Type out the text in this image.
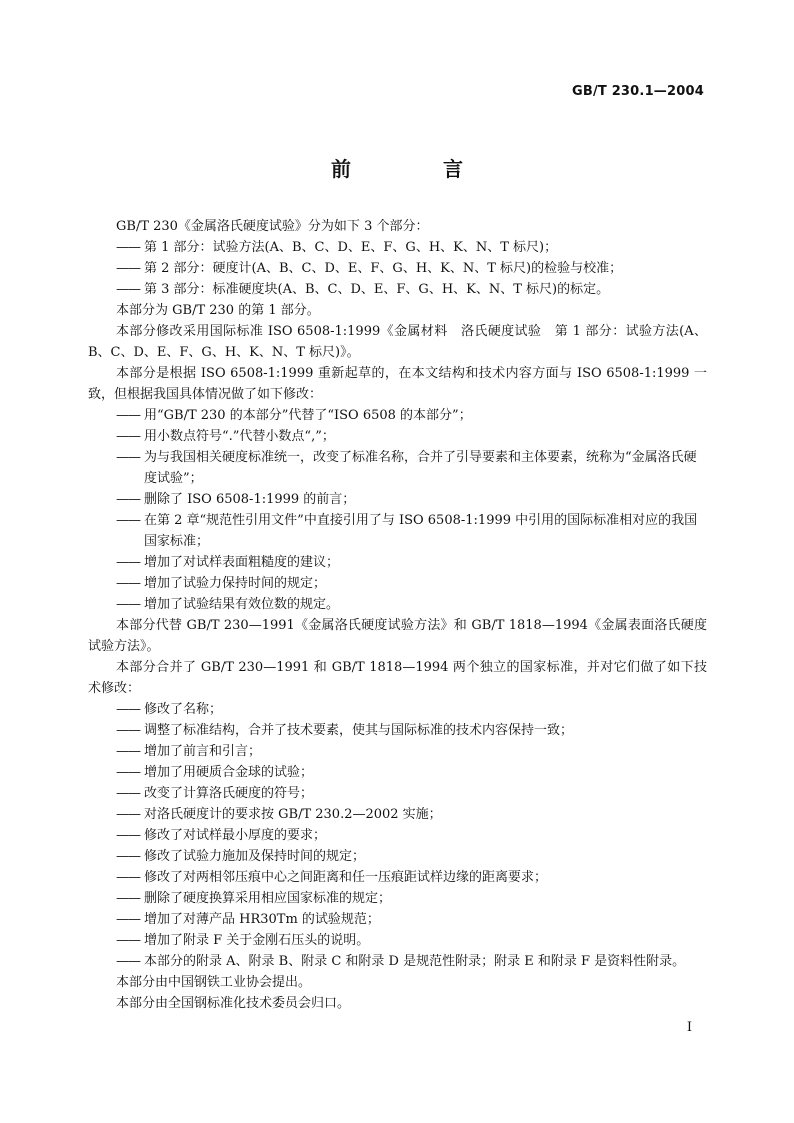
GB/T 230.1—2004
前　言

GB/T 230《金属洛氏硬度试验》分为如下 3 个部分：

—— 第 1 部分：试验方法(A、B、C、D、E、F、G、H、K、N、T 标尺)；

—— 第 2 部分：硬度计(A、B、C、D、E、F、G、H、K、N、T 标尺)的检验与校准；

—— 第 3 部分：标准硬度块(A、B、C、D、E、F、G、H、K、N、T 标尺)的标定。

本部分为 GB/T 230 的第 1 部分。

本部分修改采用国际标准 ISO 6508-1:1999《金属材料　洛氏硬度试验　第 1 部分：试验方法(A、B、C、D、E、F、G、H、K、N、T 标尺)》。

本部分是根据 ISO 6508-1:1999 重新起草的，在本文结构和技术内容方面与 ISO 6508-1:1999 一致，但根据我国具体情况做了如下修改：

—— 用“GB/T 230 的本部分”代替了“ISO 6508 的本部分”；

—— 用小数点符号“.”代替小数点“,”；

—— 为与我国相关硬度标准统一，改变了标准名称，合并了引导要素和主体要素，统称为“金属洛氏硬度试验”；

—— 删除了 ISO 6508-1:1999 的前言；

—— 在第 2 章“规范性引用文件”中直接引用了与 ISO 6508-1:1999 中引用的国际标准相对应的我国国家标准；

—— 增加了对试样表面粗糙度的建议；

—— 增加了试验力保持时间的规定；

—— 增加了试验结果有效位数的规定。

本部分代替 GB/T 230—1991《金属洛氏硬度试验方法》和 GB/T 1818—1994《金属表面洛氏硬度试验方法》。

本部分合并了 GB/T 230—1991 和 GB/T 1818—1994 两个独立的国家标准，并对它们做了如下技术修改：

—— 修改了名称；

—— 调整了标准结构，合并了技术要素，使其与国际标准的技术内容保持一致；

—— 增加了前言和引言；

—— 增加了用硬质合金球的试验；

—— 改变了计算洛氏硬度的符号；

—— 对洛氏硬度计的要求按 GB/T 230.2—2002 实施；

—— 修改了对试样最小厚度的要求；

—— 修改了试验力施加及保持时间的规定；

—— 修改了对两相邻压痕中心之间距离和任一压痕距试样边缘的距离要求；

—— 删除了硬度换算采用相应国家标准的规定；

—— 增加了对薄产品 HR30Tm 的试验规范；

—— 增加了附录 F 关于金刚石压头的说明。

—— 本部分的附录 A、附录 B、附录 C 和附录 D 是规范性附录；附录 E 和附录 F 是资料性附录。

本部分由中国钢铁工业协会提出。

本部分由全国钢标准化技术委员会归口。

I
